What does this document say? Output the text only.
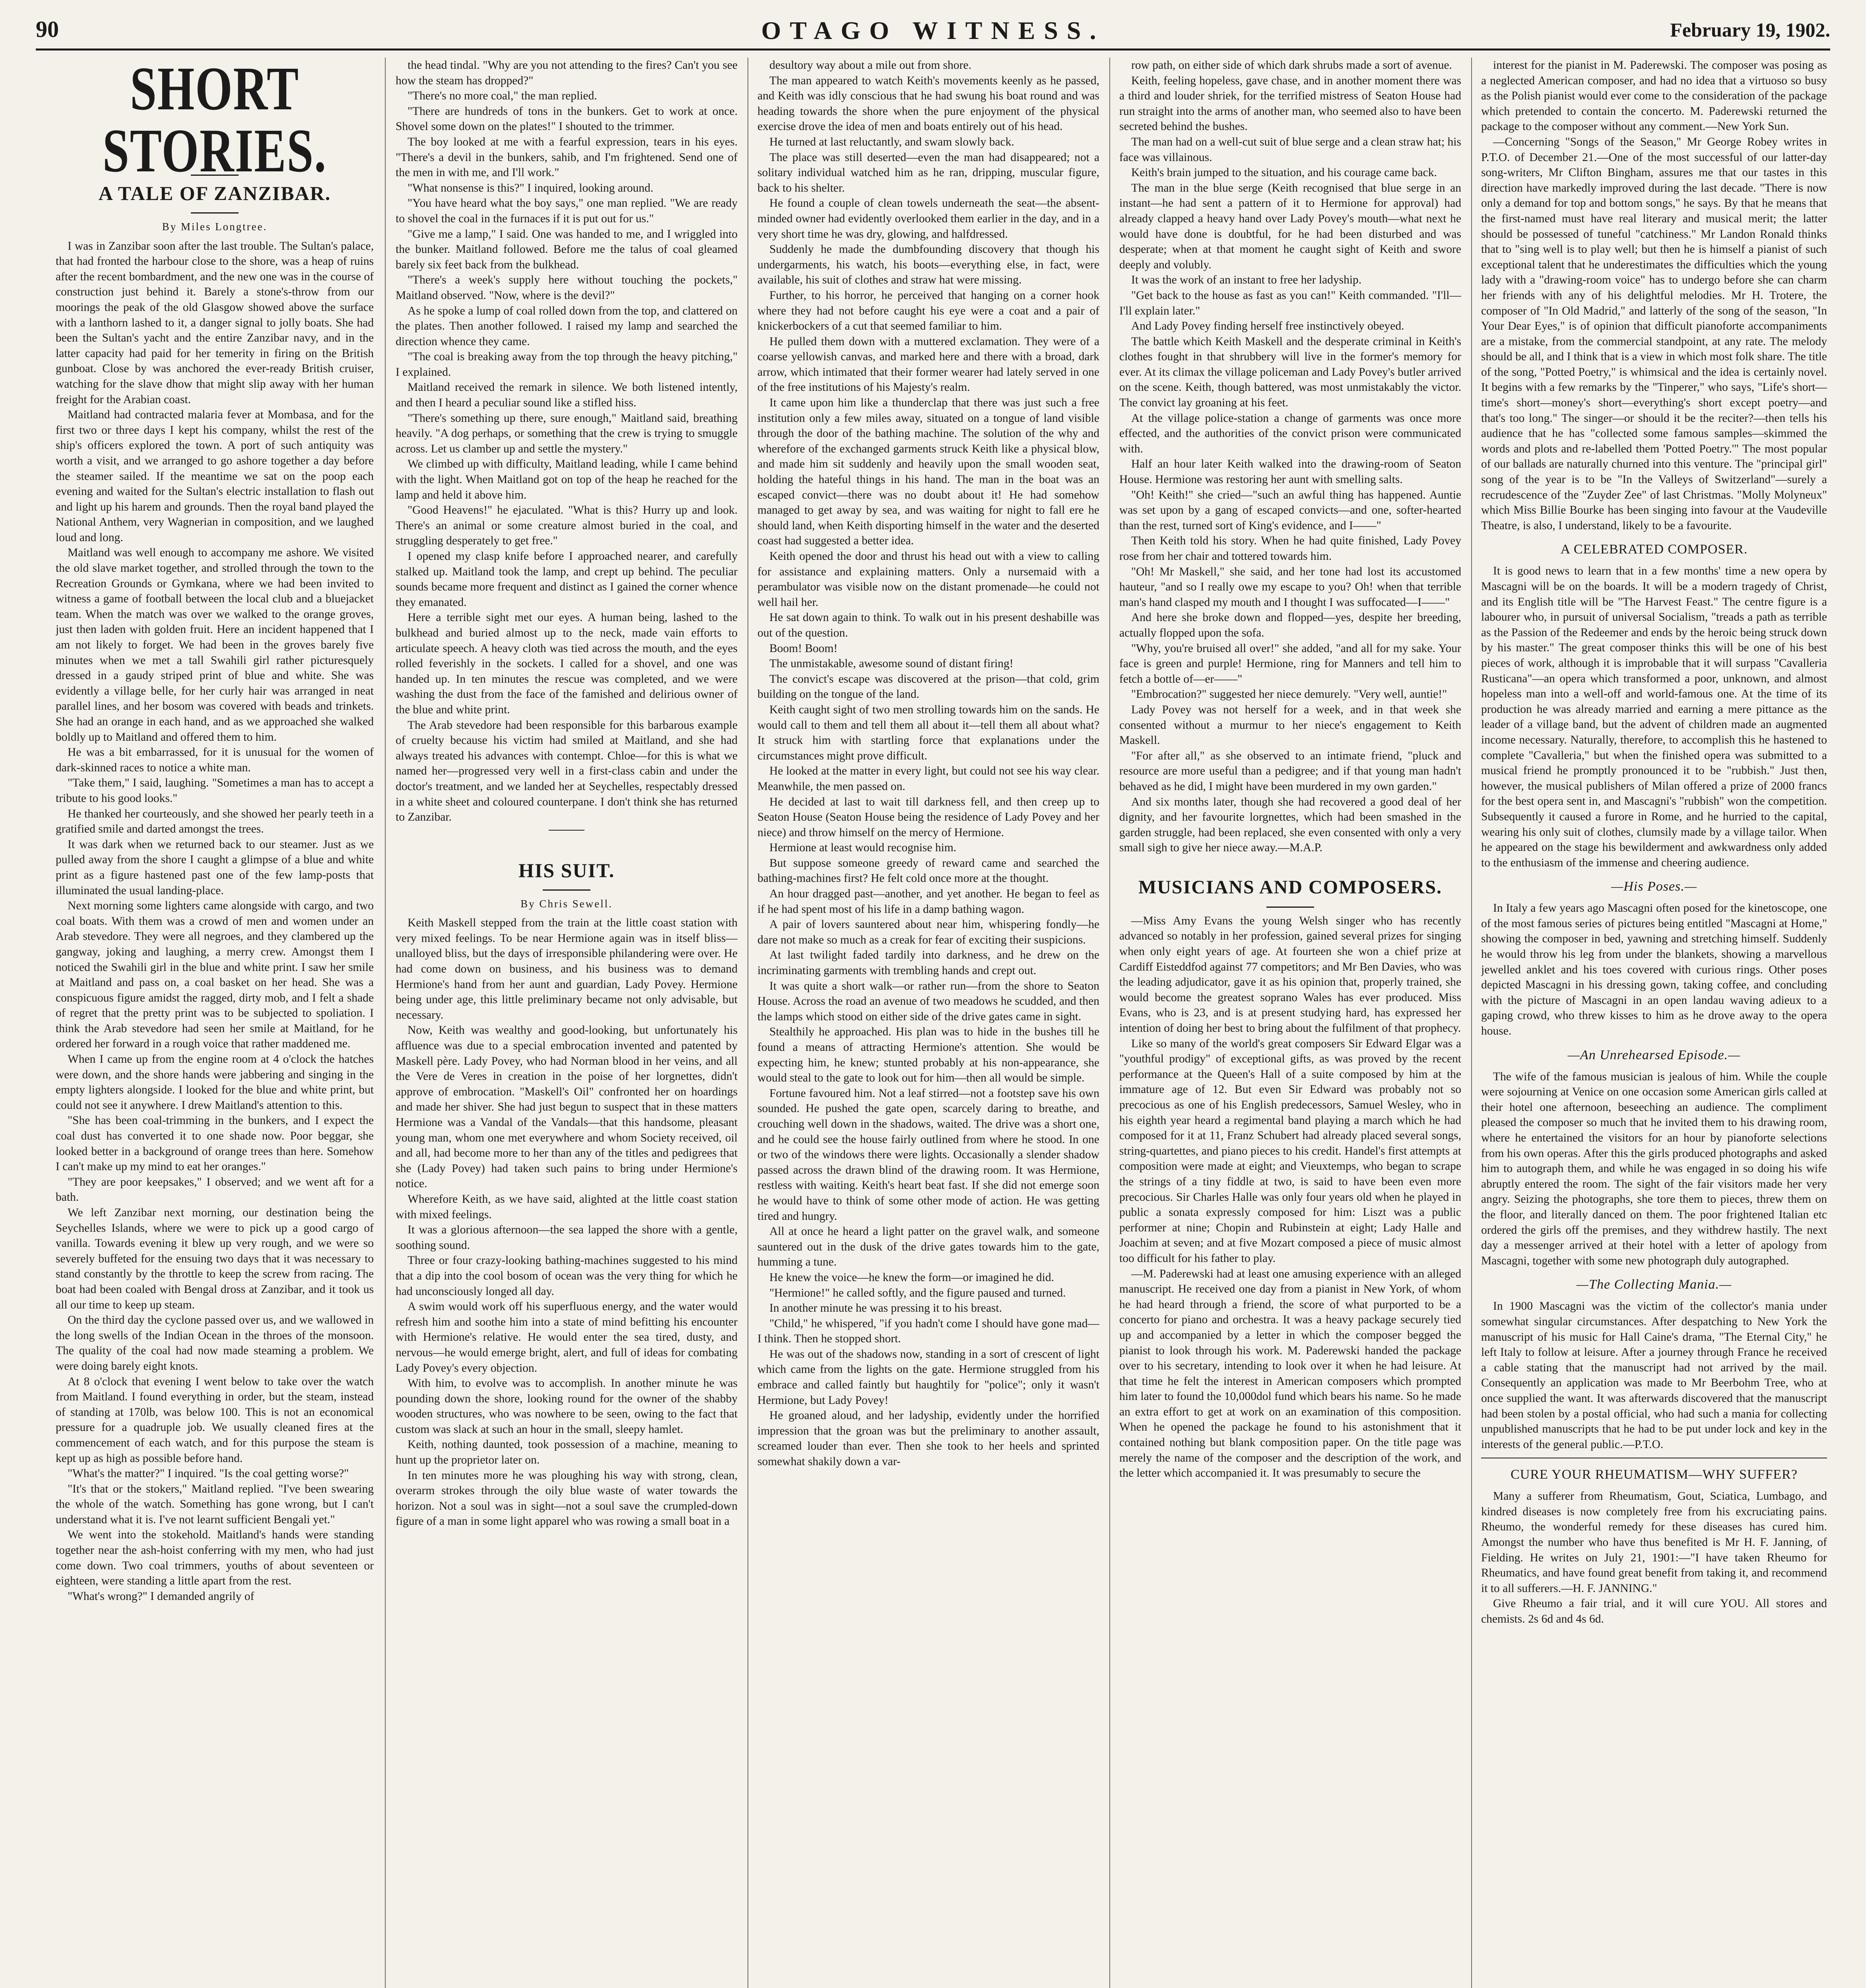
90	OTAGO WITNESS.	February 19, 1902.
SHORT STORIES.
A TALE OF ZANZIBAR.
By Miles Longtree.

I was in Zanzibar soon after the last trouble. The Sultan's palace, that had fronted the harbour close to the shore, was a heap of ruins after the recent bombardment, and the new one was in the course of construction just behind it. Barely a stone's-throw from our moorings the peak of the old Glasgow showed above the surface with a lanthorn lashed to it, a danger signal to jolly boats. She had been the Sultan's yacht and the entire Zanzibar navy, and in the latter capacity had paid for her temerity in firing on the British gunboat. Close by was anchored the ever-ready British cruiser, watching for the slave dhow that might slip away with her human freight for the Arabian coast.

Maitland had contracted malaria fever at Mombasa, and for the first two or three days I kept his company, whilst the rest of the ship's officers explored the town. A port of such antiquity was worth a visit, and we arranged to go ashore together a day before the steamer sailed. If the meantime we sat on the poop each evening and waited for the Sultan's electric installation to flash out and light up his harem and grounds. Then the royal band played the National Anthem, very Wagnerian in composition, and we laughed loud and long.

Maitland was well enough to accompany me ashore. We visited the old slave market together, and strolled through the town to the Recreation Grounds or Gymkana, where we had been invited to witness a game of football between the local club and a bluejacket team. When the match was over we walked to the orange groves, just then laden with golden fruit. Here an incident happened that I am not likely to forget. We had been in the groves barely five minutes when we met a tall Swahili girl rather picturesquely dressed in a gaudy striped print of blue and white. She was evidently a village belle, for her curly hair was arranged in neat parallel lines, and her bosom was covered with beads and trinkets. She had an orange in each hand, and as we approached she walked boldly up to Maitland and offered them to him.

He was a bit embarrassed, for it is unusual for the women of dark-skinned races to notice a white man.

"Take them," I said, laughing. "Sometimes a man has to accept a tribute to his good looks."

He thanked her courteously, and she showed her pearly teeth in a gratified smile and darted amongst the trees.

It was dark when we returned back to our steamer. Just as we pulled away from the shore I caught a glimpse of a blue and white print as a figure hastened past one of the few lamp-posts that illuminated the usual landing-place.

Next morning some lighters came alongside with cargo, and two coal boats. With them was a crowd of men and women under an Arab stevedore. They were all negroes, and they clambered up the gangway, joking and laughing, a merry crew. Amongst them I noticed the Swahili girl in the blue and white print. I saw her smile at Maitland and pass on, a coal basket on her head. She was a conspicuous figure amidst the ragged, dirty mob, and I felt a shade of regret that the pretty print was to be subjected to spoliation. I think the Arab stevedore had seen her smile at Maitland, for he ordered her forward in a rough voice that rather maddened me.

When I came up from the engine room at 4 o'clock the hatches were down, and the shore hands were jabbering and singing in the empty lighters alongside. I looked for the blue and white print, but could not see it anywhere. I drew Maitland's attention to this.

"She has been coal-trimming in the bunkers, and I expect the coal dust has converted it to one shade now. Poor beggar, she looked better in a background of orange trees than here. Somehow I can't make up my mind to eat her oranges."

"They are poor keepsakes," I observed; and we went aft for a bath.

We left Zanzibar next morning, our destination being the Seychelles Islands, where we were to pick up a good cargo of vanilla. Towards evening it blew up very rough, and we were so severely buffeted for the ensuing two days that it was necessary to stand constantly by the throttle to keep the screw from racing. The boat had been coaled with Bengal dross at Zanzibar, and it took us all our time to keep up steam.

On the third day the cyclone passed over us, and we wallowed in the long swells of the Indian Ocean in the throes of the monsoon. The quality of the coal had now made steaming a problem. We were doing barely eight knots.

At 8 o'clock that evening I went below to take over the watch from Maitland. I found everything in order, but the steam, instead of standing at 170lb, was below 100. This is not an economical pressure for a quadruple job. We usually cleaned fires at the commencement of each watch, and for this purpose the steam is kept up as high as possible before hand.

"What's the matter?" I inquired. "Is the coal getting worse?"

"It's that or the stokers," Maitland replied. "I've been swearing the whole of the watch. Something has gone wrong, but I can't understand what it is. I've not learnt sufficient Bengali yet."

We went into the stokehold. Maitland's hands were standing together near the ash-hoist conferring with my men, who had just come down. Two coal trimmers, youths of about seventeen or eighteen, were standing a little apart from the rest.

"What's wrong?" I demanded angrily of

the head tindal. "Why are you not attending to the fires? Can't you see how the steam has dropped?"

"There's no more coal," the man replied.

"There are hundreds of tons in the bunkers. Get to work at once. Shovel some down on the plates!" I shouted to the trimmer.

The boy looked at me with a fearful expression, tears in his eyes. "There's a devil in the bunkers, sahib, and I'm frightened. Send one of the men in with me, and I'll work."

"What nonsense is this?" I inquired, looking around.

"You have heard what the boy says," one man replied. "We are ready to shovel the coal in the furnaces if it is put out for us."

"Give me a lamp," I said. One was handed to me, and I wriggled into the bunker. Maitland followed. Before me the talus of coal gleamed barely six feet back from the bulkhead.

"There's a week's supply here without touching the pockets," Maitland observed. "Now, where is the devil?"

As he spoke a lump of coal rolled down from the top, and clattered on the plates. Then another followed. I raised my lamp and searched the direction whence they came.

"The coal is breaking away from the top through the heavy pitching," I explained.

Maitland received the remark in silence. We both listened intently, and then I heard a peculiar sound like a stifled hiss.

"There's something up there, sure enough," Maitland said, breathing heavily. "A dog perhaps, or something that the crew is trying to smuggle across. Let us clamber up and settle the mystery."

We climbed up with difficulty, Maitland leading, while I came behind with the light. When Maitland got on top of the heap he reached for the lamp and held it above him.

"Good Heavens!" he ejaculated. "What is this? Hurry up and look. There's an animal or some creature almost buried in the coal, and struggling desperately to get free."

I opened my clasp knife before I approached nearer, and carefully stalked up. Maitland took the lamp, and crept up behind. The peculiar sounds became more frequent and distinct as I gained the corner whence they emanated.

Here a terrible sight met our eyes. A human being, lashed to the bulkhead and buried almost up to the neck, made vain efforts to articulate speech. A heavy cloth was tied across the mouth, and the eyes rolled feverishly in the sockets. I called for a shovel, and one was handed up. In ten minutes the rescue was completed, and we were washing the dust from the face of the famished and delirious owner of the blue and white print.

The Arab stevedore had been responsible for this barbarous example of cruelty because his victim had smiled at Maitland, and she had always treated his advances with contempt. Chloe—for this is what we named her—progressed very well in a first-class cabin and under the doctor's treatment, and we landed her at Seychelles, respectably dressed in a white sheet and coloured counterpane. I don't think she has returned to Zanzibar.

HIS SUIT.
By Chris Sewell.

Keith Maskell stepped from the train at the little coast station with very mixed feelings. To be near Hermione again was in itself bliss—unalloyed bliss, but the days of irresponsible philandering were over. He had come down on business, and his business was to demand Hermione's hand from her aunt and guardian, Lady Povey. Hermione being under age, this little preliminary became not only advisable, but necessary.

Now, Keith was wealthy and good-looking, but unfortunately his affluence was due to a special embrocation invented and patented by Maskell père. Lady Povey, who had Norman blood in her veins, and all the Vere de Veres in creation in the poise of her lorgnettes, didn't approve of embrocation. "Maskell's Oil" confronted her on hoardings and made her shiver. She had just begun to suspect that in these matters Hermione was a Vandal of the Vandals—that this handsome, pleasant young man, whom one met everywhere and whom Society received, oil and all, had become more to her than any of the titles and pedigrees that she (Lady Povey) had taken such pains to bring under Hermione's notice.

Wherefore Keith, as we have said, alighted at the little coast station with mixed feelings.

It was a glorious afternoon—the sea lapped the shore with a gentle, soothing sound.

Three or four crazy-looking bathing-machines suggested to his mind that a dip into the cool bosom of ocean was the very thing for which he had unconsciously longed all day.

A swim would work off his superfluous energy, and the water would refresh him and soothe him into a state of mind befitting his encounter with Hermione's relative. He would enter the sea tired, dusty, and nervous—he would emerge bright, alert, and full of ideas for combating Lady Povey's every objection.

With him, to evolve was to accomplish. In another minute he was pounding down the shore, looking round for the owner of the shabby wooden structures, who was nowhere to be seen, owing to the fact that custom was slack at such an hour in the small, sleepy hamlet.

Keith, nothing daunted, took possession of a machine, meaning to hunt up the proprietor later on.

In ten minutes more he was ploughing his way with strong, clean, overarm strokes through the oily blue waste of water towards the horizon. Not a soul was in sight—not a soul save the crumpled-down figure of a man in some light apparel who was rowing a small boat in a

desultory way about a mile out from shore.

The man appeared to watch Keith's movements keenly as he passed, and Keith was idly conscious that he had swung his boat round and was heading towards the shore when the pure enjoyment of the physical exercise drove the idea of men and boats entirely out of his head.

He turned at last reluctantly, and swam slowly back.

The place was still deserted—even the man had disappeared; not a solitary individual watched him as he ran, dripping, muscular figure, back to his shelter.

He found a couple of clean towels underneath the seat—the absent-minded owner had evidently overlooked them earlier in the day, and in a very short time he was dry, glowing, and halfdressed.

Suddenly he made the dumbfounding discovery that though his undergarments, his watch, his boots—everything else, in fact, were available, his suit of clothes and straw hat were missing.

Further, to his horror, he perceived that hanging on a corner hook where they had not before caught his eye were a coat and a pair of knickerbockers of a cut that seemed familiar to him.

He pulled them down with a muttered exclamation. They were of a coarse yellowish canvas, and marked here and there with a broad, dark arrow, which intimated that their former wearer had lately served in one of the free institutions of his Majesty's realm.

It came upon him like a thunderclap that there was just such a free institution only a few miles away, situated on a tongue of land visible through the door of the bathing machine. The solution of the why and wherefore of the exchanged garments struck Keith like a physical blow, and made him sit suddenly and heavily upon the small wooden seat, holding the hateful things in his hand. The man in the boat was an escaped convict—there was no doubt about it! He had somehow managed to get away by sea, and was waiting for night to fall ere he should land, when Keith disporting himself in the water and the deserted coast had suggested a better idea.

Keith opened the door and thrust his head out with a view to calling for assistance and explaining matters. Only a nursemaid with a perambulator was visible now on the distant promenade—he could not well hail her.

He sat down again to think. To walk out in his present deshabille was out of the question.

Boom! Boom!

The unmistakable, awesome sound of distant firing!

The convict's escape was discovered at the prison—that cold, grim building on the tongue of the land.

Keith caught sight of two men strolling towards him on the sands. He would call to them and tell them all about it—tell them all about what? It struck him with startling force that explanations under the circumstances might prove difficult.

He looked at the matter in every light, but could not see his way clear. Meanwhile, the men passed on.

He decided at last to wait till darkness fell, and then creep up to Seaton House (Seaton House being the residence of Lady Povey and her niece) and throw himself on the mercy of Hermione.

Hermione at least would recognise him.

But suppose someone greedy of reward came and searched the bathing-machines first? He felt cold once more at the thought.

An hour dragged past—another, and yet another. He began to feel as if he had spent most of his life in a damp bathing wagon.

A pair of lovers sauntered about near him, whispering fondly—he dare not make so much as a creak for fear of exciting their suspicions.

At last twilight faded tardily into darkness, and he drew on the incriminating garments with trembling hands and crept out.

It was quite a short walk—or rather run—from the shore to Seaton House. Across the road an avenue of two meadows he scudded, and then the lamps which stood on either side of the drive gates came in sight.

Stealthily he approached. His plan was to hide in the bushes till he found a means of attracting Hermione's attention. She would be expecting him, he knew; stunted probably at his non-appearance, she would steal to the gate to look out for him—then all would be simple.

Fortune favoured him. Not a leaf stirred—not a footstep save his own sounded. He pushed the gate open, scarcely daring to breathe, and crouching well down in the shadows, waited. The drive was a short one, and he could see the house fairly outlined from where he stood. In one or two of the windows there were lights. Occasionally a slender shadow passed across the drawn blind of the drawing room. It was Hermione, restless with waiting. Keith's heart beat fast. If she did not emerge soon he would have to think of some other mode of action. He was getting tired and hungry.

All at once he heard a light patter on the gravel walk, and someone sauntered out in the dusk of the drive gates towards him to the gate, humming a tune.

He knew the voice—he knew the form—or imagined he did.

"Hermione!" he called softly, and the figure paused and turned.

In another minute he was pressing it to his breast.

"Child," he whispered, "if you hadn't come I should have gone mad—I think. Then he stopped short.

He was out of the shadows now, standing in a sort of crescent of light which came from the lights on the gate. Hermione struggled from his embrace and called faintly but haughtily for "police"; only it wasn't Hermione, but Lady Povey!

He groaned aloud, and her ladyship, evidently under the horrified impression that the groan was but the preliminary to another assault, screamed louder than ever. Then she took to her heels and sprinted somewhat shakily down a var-

row path, on either side of which dark shrubs made a sort of avenue.

Keith, feeling hopeless, gave chase, and in another moment there was a third and louder shriek, for the terrified mistress of Seaton House had run straight into the arms of another man, who seemed also to have been secreted behind the bushes.

The man had on a well-cut suit of blue serge and a clean straw hat; his face was villainous.

Keith's brain jumped to the situation, and his courage came back.

The man in the blue serge (Keith recognised that blue serge in an instant—he had sent a pattern of it to Hermione for approval) had already clapped a heavy hand over Lady Povey's mouth—what next he would have done is doubtful, for he had been disturbed and was desperate; when at that moment he caught sight of Keith and swore deeply and volubly.

It was the work of an instant to free her ladyship.

"Get back to the house as fast as you can!" Keith commanded. "I'll—I'll explain later."

And Lady Povey finding herself free instinctively obeyed.

The battle which Keith Maskell and the desperate criminal in Keith's clothes fought in that shrubbery will live in the former's memory for ever. At its climax the village policeman and Lady Povey's butler arrived on the scene. Keith, though battered, was most unmistakably the victor. The convict lay groaning at his feet.

At the village police-station a change of garments was once more effected, and the authorities of the convict prison were communicated with.

Half an hour later Keith walked into the drawing-room of Seaton House. Hermione was restoring her aunt with smelling salts.

"Oh! Keith!" she cried—"such an awful thing has happened. Auntie was set upon by a gang of escaped convicts—and one, softer-hearted than the rest, turned sort of King's evidence, and I——"

Then Keith told his story. When he had quite finished, Lady Povey rose from her chair and tottered towards him.

"Oh! Mr Maskell," she said, and her tone had lost its accustomed hauteur, "and so I really owe my escape to you? Oh! when that terrible man's hand clasped my mouth and I thought I was suffocated—I——"

And here she broke down and flopped—yes, despite her breeding, actually flopped upon the sofa.

"Why, you're bruised all over!" she added, "and all for my sake. Your face is green and purple! Hermione, ring for Manners and tell him to fetch a bottle of—er——"

"Embrocation?" suggested her niece demurely. "Very well, auntie!"

Lady Povey was not herself for a week, and in that week she consented without a murmur to her niece's engagement to Keith Maskell.

"For after all," as she observed to an intimate friend, "pluck and resource are more useful than a pedigree; and if that young man hadn't behaved as he did, I might have been murdered in my own garden."

And six months later, though she had recovered a good deal of her dignity, and her favourite lorgnettes, which had been smashed in the garden struggle, had been replaced, she even consented with only a very small sigh to give her niece away.—M.A.P.

MUSICIANS AND COMPOSERS.

—Miss Amy Evans the young Welsh singer who has recently advanced so notably in her profession, gained several prizes for singing when only eight years of age. At fourteen she won a chief prize at Cardiff Eisteddfod against 77 competitors; and Mr Ben Davies, who was the leading adjudicator, gave it as his opinion that, properly trained, she would become the greatest soprano Wales has ever produced. Miss Evans, who is 23, and is at present studying hard, has expressed her intention of doing her best to bring about the fulfilment of that prophecy.

Like so many of the world's great composers Sir Edward Elgar was a "youthful prodigy" of exceptional gifts, as was proved by the recent performance at the Queen's Hall of a suite composed by him at the immature age of 12. But even Sir Edward was probably not so precocious as one of his English predecessors, Samuel Wesley, who in his eighth year heard a regimental band playing a march which he had composed for it at 11, Franz Schubert had already placed several songs, string-quartettes, and piano pieces to his credit. Handel's first attempts at composition were made at eight; and Vieuxtemps, who began to scrape the strings of a tiny fiddle at two, is said to have been even more precocious. Sir Charles Halle was only four years old when he played in public a sonata expressly composed for him: Liszt was a public performer at nine; Chopin and Rubinstein at eight; Lady Halle and Joachim at seven; and at five Mozart composed a piece of music almost too difficult for his father to play.

—M. Paderewski had at least one amusing experience with an alleged manuscript. He received one day from a pianist in New York, of whom he had heard through a friend, the score of what purported to be a concerto for piano and orchestra. It was a heavy package securely tied up and accompanied by a letter in which the composer begged the pianist to look through his work. M. Paderewski handed the package over to his secretary, intending to look over it when he had leisure. At that time he felt the interest in American composers which prompted him later to found the 10,000dol fund which bears his name. So he made an extra effort to get at work on an examination of this composition. When he opened the package he found to his astonishment that it contained nothing but blank composition paper. On the title page was merely the name of the composer and the description of the work, and the letter which accompanied it. It was presumably to secure the

interest for the pianist in M. Paderewski. The composer was posing as a neglected American composer, and had no idea that a virtuoso so busy as the Polish pianist would ever come to the consideration of the package which pretended to contain the concerto. M. Paderewski returned the package to the composer without any comment.—New York Sun.

—Concerning "Songs of the Season," Mr George Robey writes in P.T.O. of December 21.—One of the most successful of our latter-day song-writers, Mr Clifton Bingham, assures me that our tastes in this direction have markedly improved during the last decade. "There is now only a demand for top and bottom songs," he says. By that he means that the first-named must have real literary and musical merit; the latter should be possessed of tuneful "catchiness." Mr Landon Ronald thinks that to "sing well is to play well; but then he is himself a pianist of such exceptional talent that he underestimates the difficulties which the young lady with a "drawing-room voice" has to undergo before she can charm her friends with any of his delightful melodies. Mr H. Trotere, the composer of "In Old Madrid," and latterly of the song of the season, "In Your Dear Eyes," is of opinion that difficult pianoforte accompaniments are a mistake, from the commercial standpoint, at any rate. The melody should be all, and I think that is a view in which most folk share. The title of the song, "Potted Poetry," is whimsical and the idea is certainly novel. It begins with a few remarks by the "Tinperer," who says, "Life's short—time's short—money's short—everything's short except poetry—and that's too long." The singer—or should it be the reciter?—then tells his audience that he has "collected some famous samples—skimmed the words and plots and re-labelled them 'Potted Poetry.'" The most popular of our ballads are naturally churned into this venture. The "principal girl" song of the year is to be "In the Valleys of Switzerland"—surely a recrudescence of the "Zuyder Zee" of last Christmas. "Molly Molyneux" which Miss Billie Bourke has been singing into favour at the Vaudeville Theatre, is also, I understand, likely to be a favourite.

A CELEBRATED COMPOSER.

It is good news to learn that in a few months' time a new opera by Mascagni will be on the boards. It will be a modern tragedy of Christ, and its English title will be "The Harvest Feast." The centre figure is a labourer who, in pursuit of universal Socialism, "treads a path as terrible as the Passion of the Redeemer and ends by the heroic being struck down by his master." The great composer thinks this will be one of his best pieces of work, although it is improbable that it will surpass "Cavalleria Rusticana"—an opera which transformed a poor, unknown, and almost hopeless man into a well-off and world-famous one. At the time of its production he was already married and earning a mere pittance as the leader of a village band, but the advent of children made an augmented income necessary. Naturally, therefore, to accomplish this he hastened to complete "Cavalleria," but when the finished opera was submitted to a musical friend he promptly pronounced it to be "rubbish." Just then, however, the musical publishers of Milan offered a prize of 2000 francs for the best opera sent in, and Mascagni's "rubbish" won the competition. Subsequently it caused a furore in Rome, and he hurried to the capital, wearing his only suit of clothes, clumsily made by a village tailor. When he appeared on the stage his bewilderment and awkwardness only added to the enthusiasm of the immense and cheering audience.

—His Poses.—

In Italy a few years ago Mascagni often posed for the kinetoscope, one of the most famous series of pictures being entitled "Mascagni at Home," showing the composer in bed, yawning and stretching himself. Suddenly he would throw his leg from under the blankets, showing a marvellous jewelled anklet and his toes covered with curious rings. Other poses depicted Mascagni in his dressing gown, taking coffee, and concluding with the picture of Mascagni in an open landau waving adieux to a gaping crowd, who threw kisses to him as he drove away to the opera house.

—An Unrehearsed Episode.—

The wife of the famous musician is jealous of him. While the couple were sojourning at Venice on one occasion some American girls called at their hotel one afternoon, beseeching an audience. The compliment pleased the composer so much that he invited them to his drawing room, where he entertained the visitors for an hour by pianoforte selections from his own operas. After this the girls produced photographs and asked him to autograph them, and while he was engaged in so doing his wife abruptly entered the room. The sight of the fair visitors made her very angry. Seizing the photographs, she tore them to pieces, threw them on the floor, and literally danced on them. The poor frightened Italian etc ordered the girls off the premises, and they withdrew hastily. The next day a messenger arrived at their hotel with a letter of apology from Mascagni, together with some new photograph duly autographed.

—The Collecting Mania.—

In 1900 Mascagni was the victim of the collector's mania under somewhat singular circumstances. After despatching to New York the manuscript of his music for Hall Caine's drama, "The Eternal City," he left Italy to follow at leisure. After a journey through France he received a cable stating that the manuscript had not arrived by the mail. Consequently an application was made to Mr Beerbohm Tree, who at once supplied the want. It was afterwards discovered that the manuscript had been stolen by a postal official, who had such a mania for collecting unpublished manuscripts that he had to be put under lock and key in the interests of the general public.—P.T.O.

CURE YOUR RHEUMATISM—WHY SUFFER?

Many a sufferer from Rheumatism, Gout, Sciatica, Lumbago, and kindred diseases is now completely free from his excruciating pains. Rheumo, the wonderful remedy for these diseases has cured him. Amongst the number who have thus benefited is Mr H. F. Janning, of Fielding. He writes on July 21, 1901:—"I have taken Rheumo for Rheumatics, and have found great benefit from taking it, and recommend it to all sufferers.—H. F. JANNING."

Give Rheumo a fair trial, and it will cure YOU. All stores and chemists. 2s 6d and 4s 6d.
